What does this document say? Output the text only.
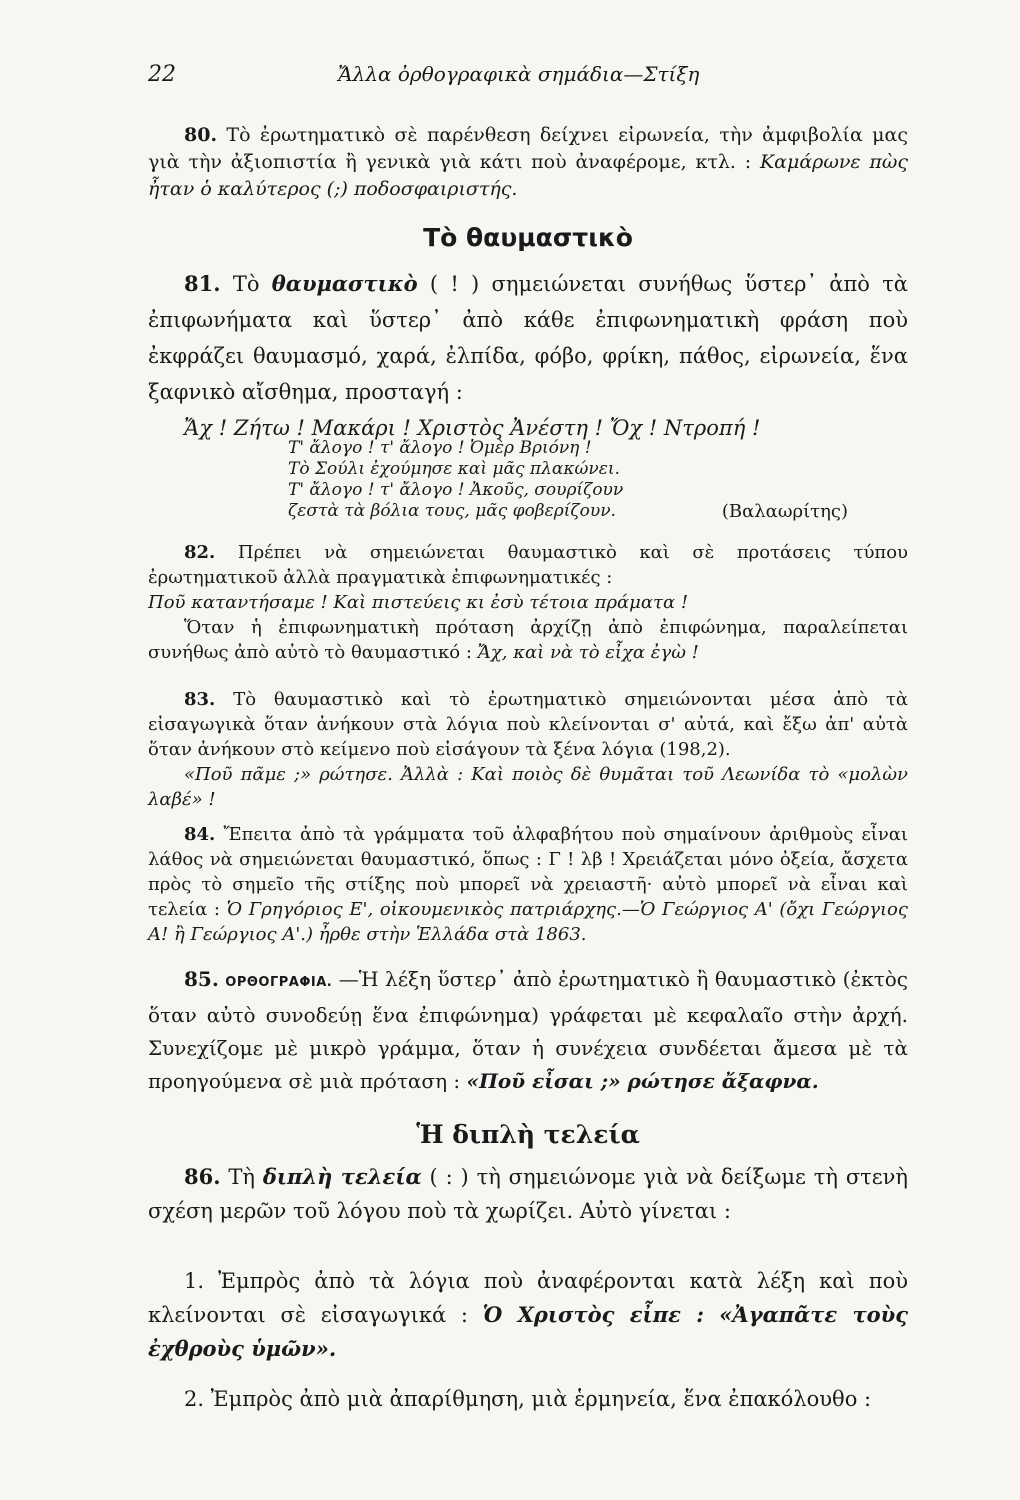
22	Ἄλλα ὀρθογραφικὰ σημάδια—Στίξη
80. Τὸ ἐρωτηματικὸ σὲ παρένθεση δείχνει εἰρωνεία, τὴν ἀμφιβολία μας γιὰ τὴν ἀξιοπιστία ἢ γενικὰ γιὰ κάτι ποὺ ἀναφέρομε, κτλ. : Καμάρωνε πὼς ἦταν ὁ καλύτερος (;) ποδοσφαιριστής.
Τὸ θαυμαστικὸ
81. Τὸ θαυμαστικὸ ( ! ) σημειώνεται συνήθως ὕστερ᾽ ἀπὸ τὰ ἐπιφωνήματα καὶ ὕστερ᾽ ἀπὸ κάθε ἐπιφωνηματικὴ φράση ποὺ ἐκφράζει θαυμασμό, χαρά, ἐλπίδα, φόβο, φρίκη, πάθος, εἰρωνεία, ἕνα ξαφνικὸ αἴσθημα, προσταγή :
Ἄχ ! Ζήτω ! Μακάρι ! Χριστὸς Ἀνέστη ! Ὄχ ! Ντροπή !
Τ' ἄλογο ! τ' ἄλογο ! Ὀμὲρ Βριόνη !
Τὸ Σούλι ἐχούμησε καὶ μᾶς πλακώνει.
Τ' ἄλογο ! τ' ἄλογο ! Ἀκοῦς, σουρίζουν
ζεστὰ τὰ βόλια τους, μᾶς φοβερίζουν.	(Βαλαωρίτης)
82. Πρέπει νὰ σημειώνεται θαυμαστικὸ καὶ σὲ προτάσεις τύπου ἐρωτηματικοῦ ἀλλὰ πραγματικὰ ἐπιφωνηματικές :
Ποῦ καταντήσαμε ! Καὶ πιστεύεις κι ἐσὺ τέτοια πράματα !
Ὅταν ἡ ἐπιφωνηματικὴ πρόταση ἀρχίζῃ ἀπὸ ἐπιφώνημα, παραλείπεται συνήθως ἀπὸ αὐτὸ τὸ θαυμαστικό : Ἄχ, καὶ νὰ τὸ εἶχα ἐγὼ !
83. Τὸ θαυμαστικὸ καὶ τὸ ἐρωτηματικὸ σημειώνονται μέσα ἀπὸ τὰ εἰσαγωγικὰ ὅταν ἀνήκουν στὰ λόγια ποὺ κλείνονται σ' αὐτά, καὶ ἔξω ἀπ' αὐτὰ ὅταν ἀνήκουν στὸ κείμενο ποὺ εἰσάγουν τὰ ξένα λόγια (198,2).
«Ποῦ πᾶμε ;» ρώτησε. Ἀλλὰ : Καὶ ποιὸς δὲ θυμᾶται τοῦ Λεωνίδα τὸ «μολὼν λαβέ» !
84. Ἔπειτα ἀπὸ τὰ γράμματα τοῦ ἀλφαβήτου ποὺ σημαίνουν ἀριθμοὺς εἶναι λάθος νὰ σημειώνεται θαυμαστικό, ὅπως : Γ ! λβ ! Χρειάζεται μόνο ὀξεία, ἄσχετα πρὸς τὸ σημεῖο τῆς στίξης ποὺ μπορεῖ νὰ χρειαστῆ· αὐτὸ μπορεῖ νὰ εἶναι καὶ τελεία : Ὁ Γρηγόριος Ε', οἰκουμενικὸς πατριάρχης.—Ὁ Γεώργιος Α' (ὄχι Γεώργιος Α! ἢ Γεώργιος Α'.) ἦρθε στὴν Ἑλλάδα στὰ 1863.
85. ΟΡΘΟΓΡΑΦΙΑ. —Ἡ λέξη ὕστερ᾽ ἀπὸ ἐρωτηματικὸ ἢ θαυμαστικὸ (ἐκτὸς ὅταν αὐτὸ συνοδεύῃ ἕνα ἐπιφώνημα) γράφεται μὲ κεφαλαῖο στὴν ἀρχή. Συνεχίζομε μὲ μικρὸ γράμμα, ὅταν ἡ συνέχεια συνδέεται ἄμεσα μὲ τὰ προηγούμενα σὲ μιὰ πρόταση : «Ποῦ εἶσαι ;» ρώτησε ἄξαφνα.
Ἡ διπλὴ τελεία
86. Τὴ διπλὴ τελεία ( : ) τὴ σημειώνομε γιὰ νὰ δείξωμε τὴ στενὴ σχέση μερῶν τοῦ λόγου ποὺ τὰ χωρίζει. Αὐτὸ γίνεται :
1. Ἐμπρὸς ἀπὸ τὰ λόγια ποὺ ἀναφέρονται κατὰ λέξη καὶ ποὺ κλείνονται σὲ εἰσαγωγικά : Ὁ Χριστὸς εἶπε : «Ἀγαπᾶτε τοὺς ἐχθροὺς ὑμῶν».
2. Ἐμπρὸς ἀπὸ μιὰ ἀπαρίθμηση, μιὰ ἑρμηνεία, ἕνα ἐπακόλουθο :
